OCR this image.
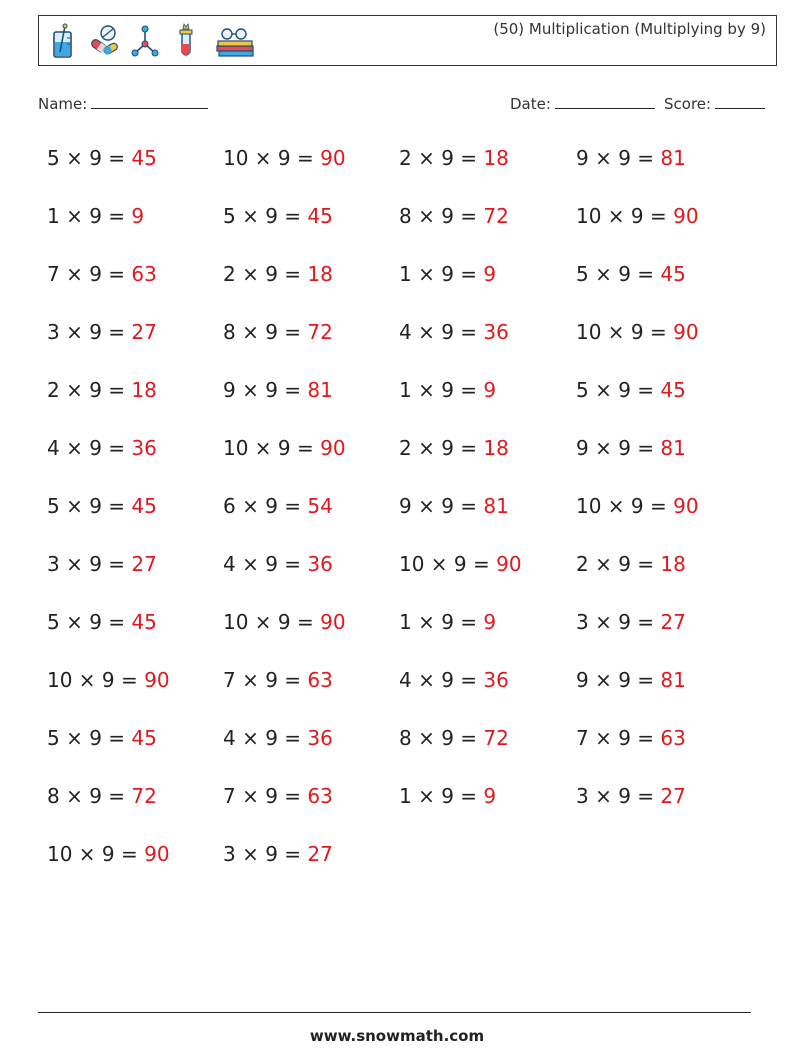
(50) Multiplication (Multiplying by 9)
Name:	Date:	Score:
5 × 9 = 45	10 × 9 = 90	2 × 9 = 18	9 × 9 = 81
1 × 9 = 9	5 × 9 = 45	8 × 9 = 72	10 × 9 = 90
7 × 9 = 63	2 × 9 = 18	1 × 9 = 9	5 × 9 = 45
3 × 9 = 27	8 × 9 = 72	4 × 9 = 36	10 × 9 = 90
2 × 9 = 18	9 × 9 = 81	1 × 9 = 9	5 × 9 = 45
4 × 9 = 36	10 × 9 = 90	2 × 9 = 18	9 × 9 = 81
5 × 9 = 45	6 × 9 = 54	9 × 9 = 81	10 × 9 = 90
3 × 9 = 27	4 × 9 = 36	10 × 9 = 90	2 × 9 = 18
5 × 9 = 45	10 × 9 = 90	1 × 9 = 9	3 × 9 = 27
10 × 9 = 90	7 × 9 = 63	4 × 9 = 36	9 × 9 = 81
5 × 9 = 45	4 × 9 = 36	8 × 9 = 72	7 × 9 = 63
8 × 9 = 72	7 × 9 = 63	1 × 9 = 9	3 × 9 = 27
10 × 9 = 90	3 × 9 = 27
www.snowmath.com
